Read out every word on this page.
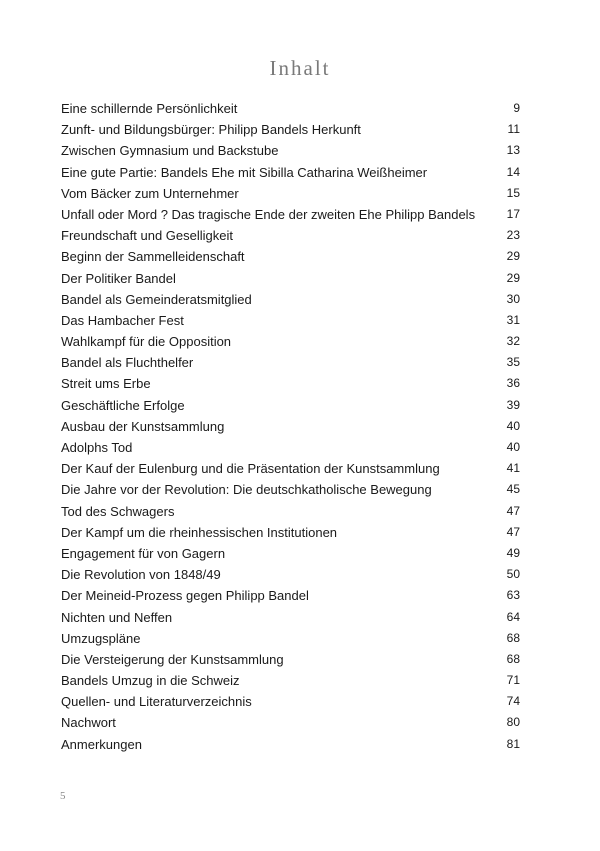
Inhalt
Eine schillernde Persönlichkeit	9
Zunft- und Bildungsbürger: Philipp Bandels Herkunft	11
Zwischen Gymnasium und Backstube	13
Eine gute Partie: Bandels Ehe mit Sibilla Catharina Weißheimer	14
Vom Bäcker zum Unternehmer	15
Unfall oder Mord ? Das tragische Ende der zweiten Ehe Philipp Bandels	17
Freundschaft und Geselligkeit	23
Beginn der Sammelleidenschaft	29
Der Politiker Bandel	29
Bandel als Gemeinderatsmitglied	30
Das Hambacher Fest	31
Wahlkampf für die Opposition	32
Bandel als Fluchthelfer	35
Streit ums Erbe	36
Geschäftliche Erfolge	39
Ausbau der Kunstsammlung	40
Adolphs Tod	40
Der Kauf der Eulenburg und die Präsentation der Kunstsammlung	41
Die Jahre vor der Revolution: Die deutschkatholische Bewegung	45
Tod des Schwagers	47
Der Kampf um die rheinhessischen Institutionen	47
Engagement für von Gagern	49
Die Revolution von 1848/49	50
Der Meineid-Prozess gegen Philipp Bandel	63
Nichten und Neffen	64
Umzugspläne	68
Die Versteigerung der Kunstsammlung	68
Bandels Umzug in die Schweiz	71
Quellen- und Literaturverzeichnis	74
Nachwort	80
Anmerkungen	81
5
